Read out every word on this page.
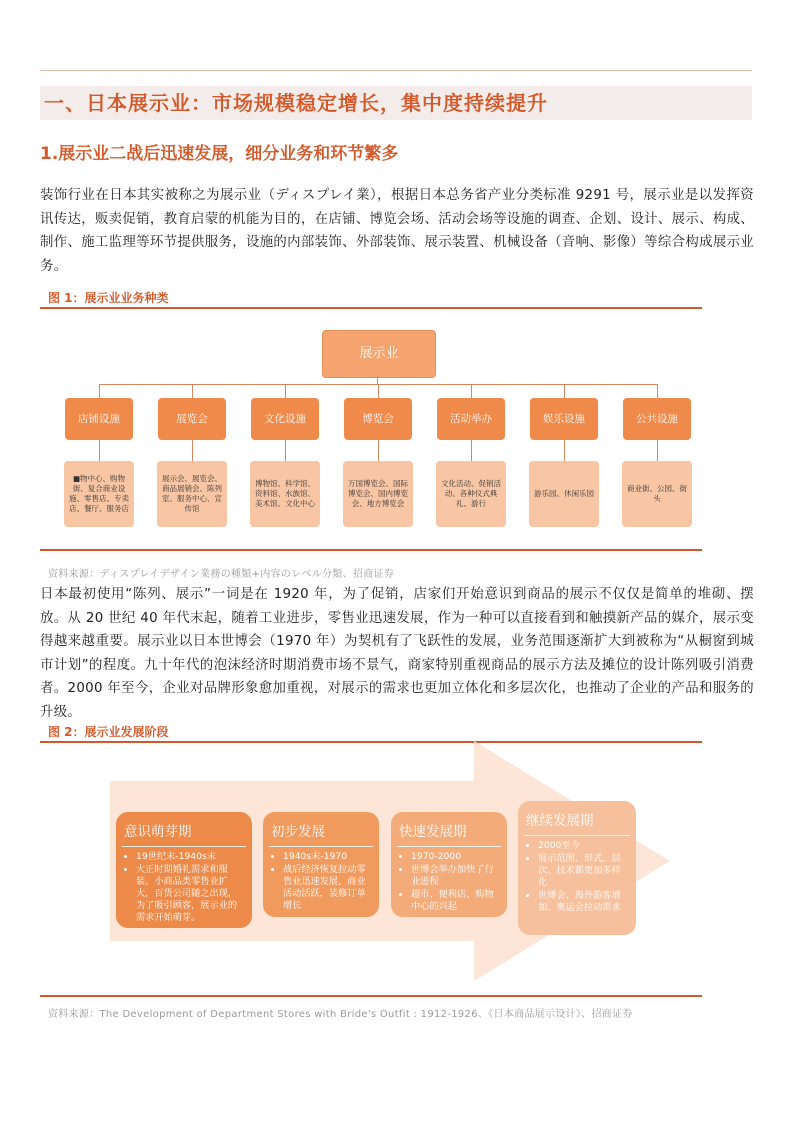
一、日本展示业：市场规模稳定增长，集中度持续提升
1.展示业二战后迅速发展，细分业务和环节繁多
装饰行业在日本其实被称之为展示业（ディスプレイ業），根据日本总务省产业分类标准 9291 号，展示业是以发挥资讯传达，贩卖促销，教育启蒙的机能为目的，在店铺、博览会场、活动会场等设施的调查、企划、设计、展示、构成、制作、施工监理等环节提供服务，设施的内部装饰、外部装饰、展示装置、机械设备（音响、影像）等综合构成展示业务。
图 1：展示业业务种类
展示业
店铺设施
■物中心、购物街、复合商业设施、零售店、专卖店、餐厅、服务店
展览会
展示会、展览会、商品展销会、陈列室、服务中心、宣传馆
文化设施
博物馆、科学馆、资料馆、水族馆、美术馆、文化中心
博览会
万国博览会、国际博览会、国内博览会、地方博览会
活动举办
文化活动、促销活动、各种仪式典礼、游行
娱乐设施
游乐园、休闲乐园
公共设施
商业街、公园、街头
资料来源：ディスプレイデザイン業務の種類+内容のレベル分類、招商证券
日本最初使用“陈列、展示”一词是在 1920 年，为了促销，店家们开始意识到商品的展示不仅仅是简单的堆砌、摆放。从 20 世纪 40 年代末起，随着工业进步，零售业迅速发展，作为一种可以直接看到和触摸新产品的媒介，展示变得越来越重要。展示业以日本世博会（1970 年）为契机有了飞跃性的发展，业务范围逐渐扩大到被称为“从橱窗到城市计划”的程度。九十年代的泡沫经济时期消费市场不景气，商家特别重视商品的展示方法及摊位的设计陈列吸引消费者。2000 年至今，企业对品牌形象愈加重视，对展示的需求也更加立体化和多层次化，也推动了企业的产品和服务的升级。
图 2：展示业发展阶段
意识萌芽期
• 19世纪末-1940s末
• 大正时期婚礼需求和服装、小商品类零售业扩大，百货公司随之出现，为了吸引顾客，展示业的需求开始萌芽。
初步发展
• 1940s末-1970
• 战后经济恢复拉动零售业迅速发展，商业活动活跃，装修订单增长
快速发展期
• 1970-2000
• 世博会举办加快了行业进程
• 超市、便利店、购物中心的兴起
继续发展期
• 2000至今
• 展示范围、形式、层次、技术都更加多样化
• 世博会、海外游客增加、奥运会拉动需求
资料来源：The Development of Department Stores with Bride's Outfit : 1912-1926、《日本商品展示设计》、招商证券
